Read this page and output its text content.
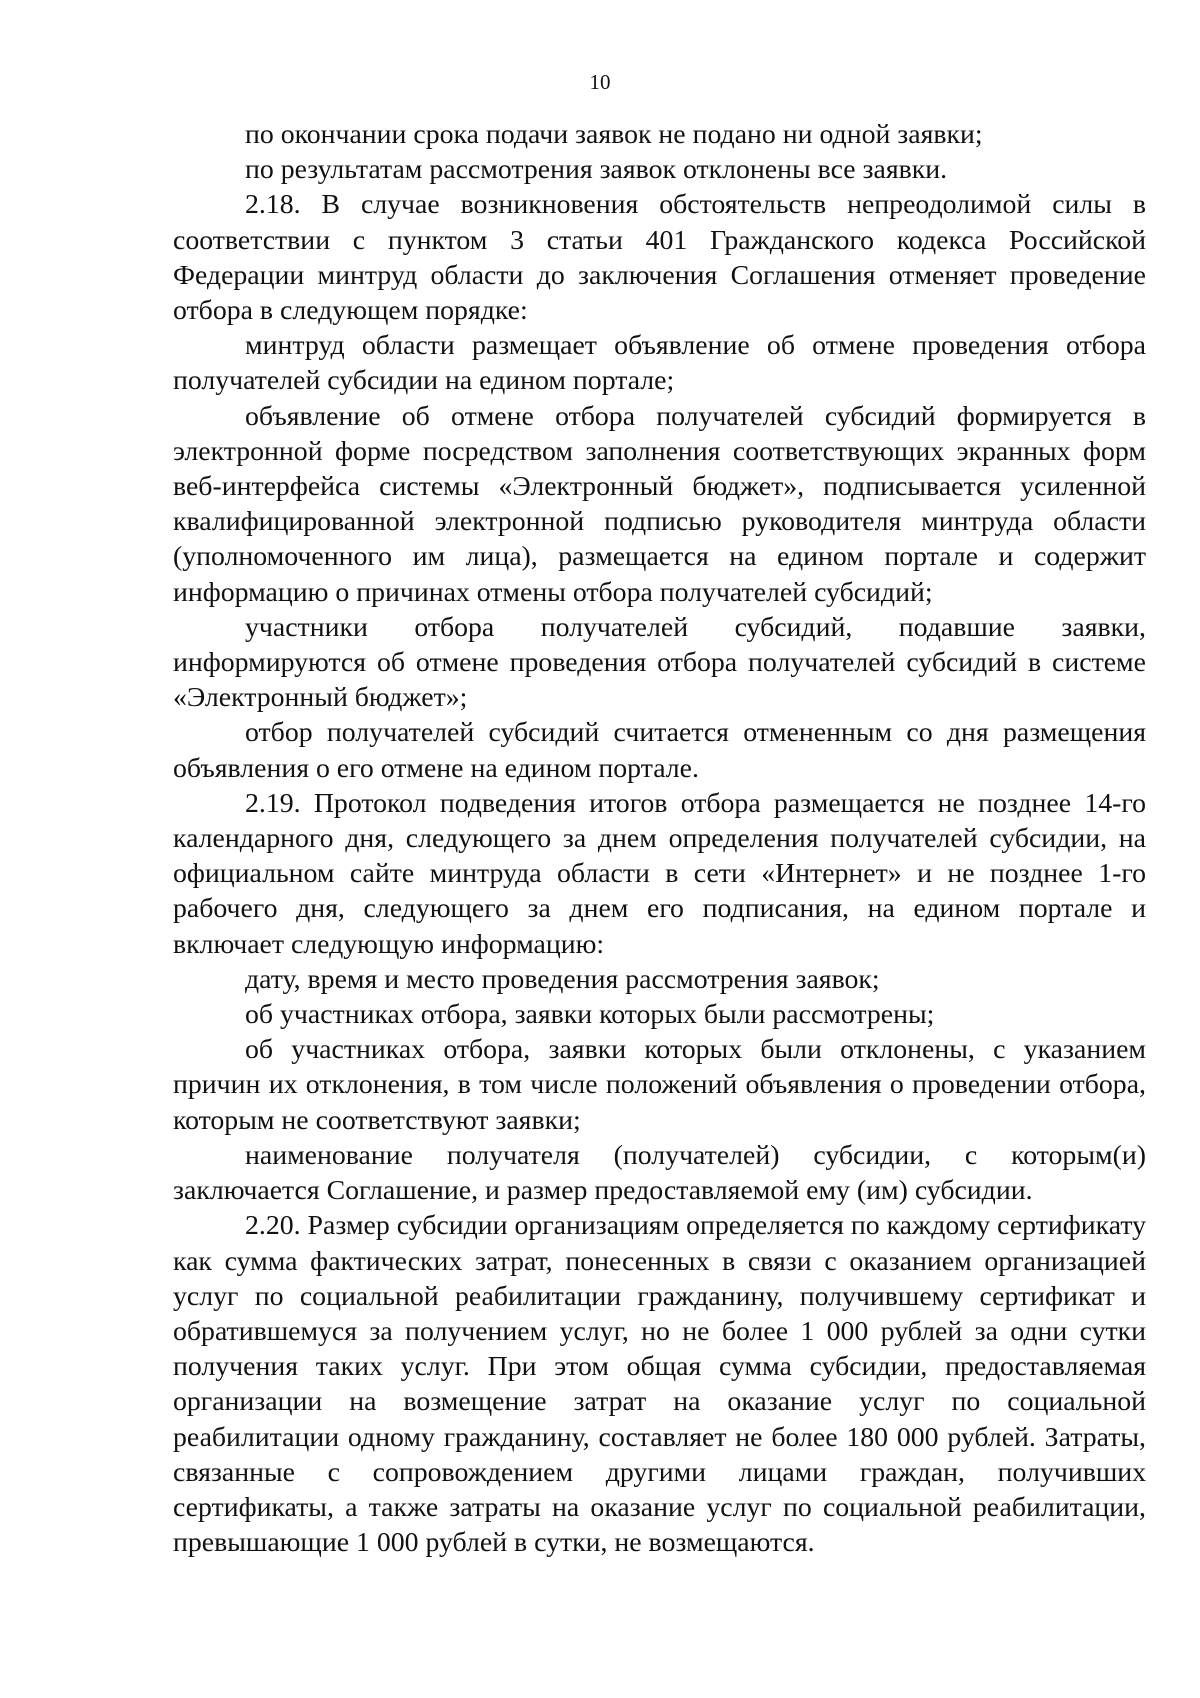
10

по окончании срока подачи заявок не подано ни одной заявки;

по результатам рассмотрения заявок отклонены все заявки.

2.18. В случае возникновения обстоятельств непреодолимой силы в соответствии с пунктом 3 статьи 401 Гражданского кодекса Российской Федерации минтруд области до заключения Соглашения отменяет проведение отбора в следующем порядке:

минтруд области размещает объявление об отмене проведения отбора получателей субсидии на едином портале;

объявление об отмене отбора получателей субсидий формируется в электронной форме посредством заполнения соответствующих экранных форм веб-интерфейса системы «Электронный бюджет», подписывается усиленной квалифицированной электронной подписью руководителя минтруда области (уполномоченного им лица), размещается на едином портале и содержит информацию о причинах отмены отбора получателей субсидий;

участники отбора получателей субсидий, подавшие заявки, информируются об отмене проведения отбора получателей субсидий в системе «Электронный бюджет»;

отбор получателей субсидий считается отмененным со дня размещения объявления о его отмене на едином портале.

2.19. Протокол подведения итогов отбора размещается не позднее 14-го календарного дня, следующего за днем определения получателей субсидии, на официальном сайте минтруда области в сети «Интернет» и не позднее 1-го рабочего дня, следующего за днем его подписания, на едином портале и включает следующую информацию:

дату, время и место проведения рассмотрения заявок;

об участниках отбора, заявки которых были рассмотрены;

об участниках отбора, заявки которых были отклонены, с указанием причин их отклонения, в том числе положений объявления о проведении отбора, которым не соответствуют заявки;

наименование получателя (получателей) субсидии, с которым(и) заключается Соглашение, и размер предоставляемой ему (им) субсидии.

2.20. Размер субсидии организациям определяется по каждому сертификату как сумма фактических затрат, понесенных в связи с оказанием организацией услуг по социальной реабилитации гражданину, получившему сертификат и обратившемуся за получением услуг, но не более 1 000 рублей за одни сутки получения таких услуг. При этом общая сумма субсидии, предоставляемая организации на возмещение затрат на оказание услуг по социальной реабилитации одному гражданину, составляет не более 180 000 рублей. Затраты, связанные с сопровождением другими лицами граждан, получивших сертификаты, а также затраты на оказание услуг по социальной реабилитации, превышающие 1 000 рублей в сутки, не возмещаются.
